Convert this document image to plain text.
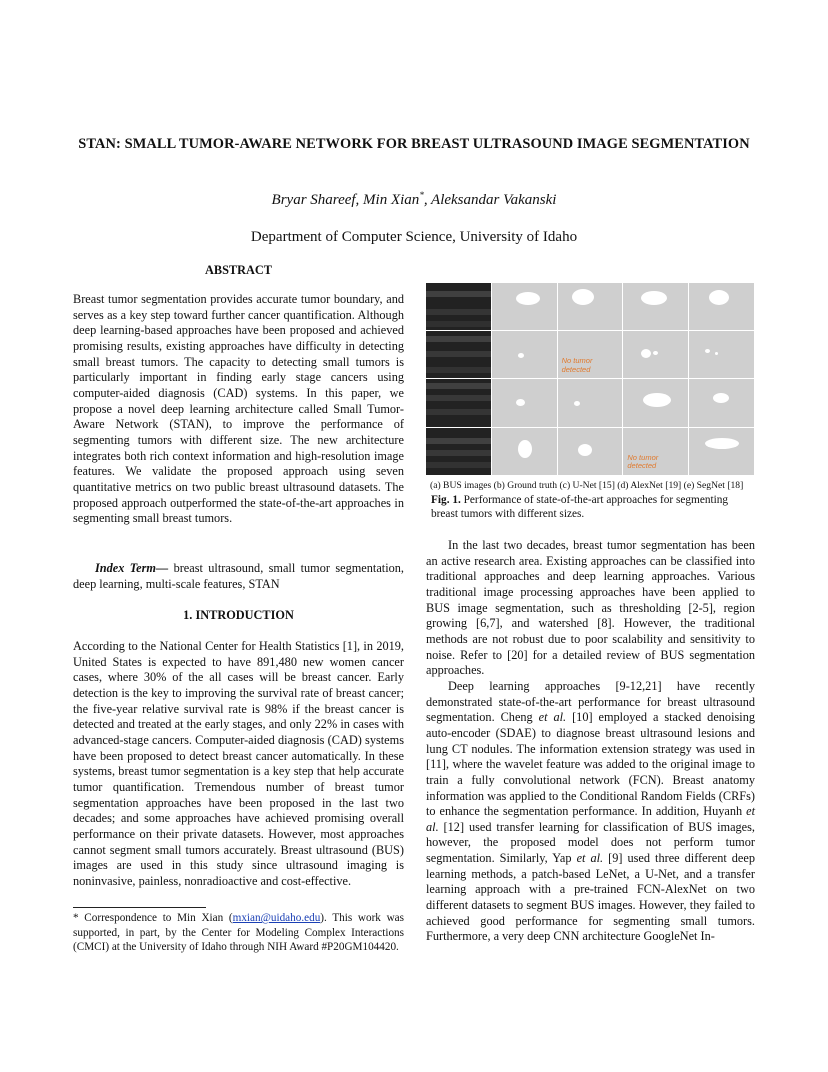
STAN: SMALL TUMOR-AWARE NETWORK FOR BREAST ULTRASOUND IMAGE SEGMENTATION
Bryar Shareef, Min Xian*, Aleksandar Vakanski
Department of Computer Science, University of Idaho
ABSTRACT

Breast tumor segmentation provides accurate tumor boundary, and serves as a key step toward further cancer quantification. Although deep learning-based approaches have been proposed and achieved promising results, existing approaches have difficulty in detecting small breast tumors. The capacity to detecting small tumors is particularly important in finding early stage cancers using computer-aided diagnosis (CAD) systems. In this paper, we propose a novel deep learning architecture called Small Tumor-Aware Network (STAN), to improve the performance of segmenting tumors with different size. The new architecture integrates both rich context information and high-resolution image features. We validate the proposed approach using seven quantitative metrics on two public breast ultrasound datasets. The proposed approach outperformed the state-of-the-art approaches in segmenting small breast tumors.

Index Term— breast ultrasound, small tumor segmentation, deep learning, multi-scale features, STAN

1. INTRODUCTION

According to the National Center for Health Statistics [1], in 2019, United States is expected to have 891,480 new women cancer cases, where 30% of the all cases will be breast cancer. Early detection is the key to improving the survival rate of breast cancer; the five-year relative survival rate is 98% if the breast cancer is detected and treated at the early stages, and only 22% in cases with advanced-stage cancers. Computer-aided diagnosis (CAD) systems have been proposed to detect breast cancer automatically. In these systems, breast tumor segmentation is a key step that help accurate tumor quantification. Tremendous number of breast tumor segmentation approaches have been proposed in the last two decades; and some approaches have achieved promising overall performance on their private datasets. However, most approaches cannot segment small tumors accurately. Breast ultrasound (BUS) images are used in this study since ultrasound imaging is noninvasive, painless, nonradioactive and cost-effective.

* Correspondence to Min Xian (mxian@uidaho.edu). This work was supported, in part, by the Center for Modeling Complex Interactions (CMCI) at the University of Idaho through NIH Award #P20GM104420.
No tumor detected
No tumor detected
(a) BUS images (b) Ground truth (c) U-Net [15] (d) AlexNet [19] (e) SegNet [18]
Fig. 1. Performance of state-of-the-art approaches for segmenting breast tumors with different sizes.

In the last two decades, breast tumor segmentation has been an active research area. Existing approaches can be classified into traditional approaches and deep learning approaches. Various traditional image processing approaches have been applied to BUS image segmentation, such as thresholding [2-5], region growing [6,7], and watershed [8]. However, the traditional methods are not robust due to poor scalability and sensitivity to noise. Refer to [20] for a detailed review of BUS segmentation approaches.

Deep learning approaches [9-12,21] have recently demonstrated state-of-the-art performance for breast ultrasound segmentation. Cheng et al. [10] employed a stacked denoising auto-encoder (SDAE) to diagnose breast ultrasound lesions and lung CT nodules. The information extension strategy was used in [11], where the wavelet feature was added to the original image to train a fully convolutional network (FCN). Breast anatomy information was applied to the Conditional Random Fields (CRFs) to enhance the segmentation performance. In addition, Huyanh et al. [12] used transfer learning for classification of BUS images, however, the proposed model does not perform tumor segmentation. Similarly, Yap et al. [9] used three different deep learning methods, a patch-based LeNet, a U-Net, and a transfer learning approach with a pre-trained FCN-AlexNet on two different datasets to segment BUS images. However, they failed to achieved good performance for segmenting small tumors. Furthermore, a very deep CNN architecture GoogleNet In-
